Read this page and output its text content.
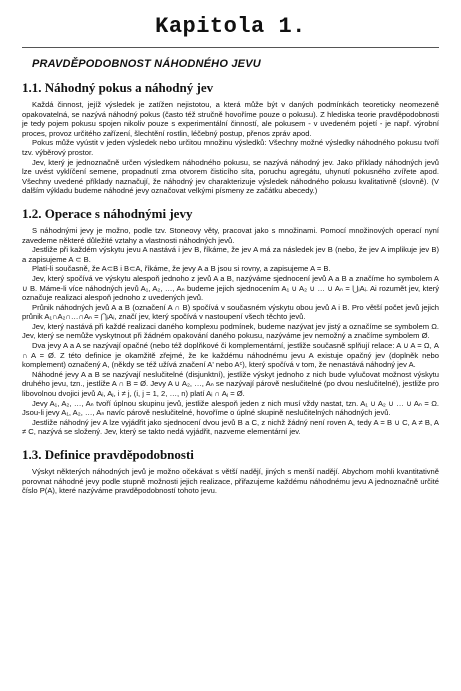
Kapitola 1.
PRAVDĚPODOBNOST NÁHODNÉHO JEVU
1.1. Náhodný pokus a náhodný jev

Každá činnost, jejíž výsledek je zatížen nejistotou, a která může být v daných podmínkách teoreticky neomezeně opakovatelná, se nazývá náhodný pokus (často též stručně hovoříme pouze o pokusu). Z hlediska teorie pravděpodobnosti je tedy pojem pokusu spojen nikoliv pouze s experimentální činností, ale pokusem - v uvedeném pojetí - je např. výrobní proces, provoz určitého zařízení, šlechtění rostlin, léčebný postup, přenos zpráv apod.

Pokus může vyústit v jeden výsledek nebo určitou množinu výsledků: Všechny možné výsledky náhodného pokusu tvoří tzv. výběrový prostor.

Jev, který je jednoznačně určen výsledkem náhodného pokusu, se nazývá náhodný jev. Jako příklady náhodných jevů lze uvést vyklíčení semene, propadnutí zrna otvorem čisticího síta, poruchu agregátu, uhynutí pokusného zvířete apod. Všechny uvedené příklady naznačují, že náhodný jev charakterizuje výsledek náhodného pokusu kvalitativně (slovně). (V dalším výkladu budeme náhodné jevy označovat velkými písmeny ze začátku abecedy.)

1.2. Operace s náhodnými jevy

S náhodnými jevy je možno, podle tzv. Stoneovy věty, pracovat jako s množinami. Pomocí množinových operací nyní zavedeme některé důležité vztahy a vlastnosti náhodných jevů.

Jestliže při každém výskytu jevu A nastává i jev B, říkáme, že jev A má za následek jev B (nebo, že jev A implikuje jev B) a zapisujeme A ⊂ B.

Platí-li současně, že A⊂B i B⊂A, říkáme, že jevy A a B jsou si rovny, a zapisujeme A = B.

Jev, který spočívá ve výskytu alespoň jednoho z jevů A a B, nazýváme sjednocení jevů A a B a značíme ho symbolem A ∪ B. Máme-li více náhodných jevů A₁, A₂, …, Aₙ budeme jejich sjednocením A₁ ∪ A₂ ∪ … ∪ Aₙ = ⋃ᵢAᵢ. Ai rozumět jev, který označuje realizaci alespoň jednoho z uvedených jevů.

Průnik náhodných jevů A a B (označení A ∩ B) spočívá v současném výskytu obou jevů A i B. Pro větší počet jevů jejich průnik A₁∩A₂∩…∩Aₙ = ⋂ᵢAᵢ, značí jev, který spočívá v nastoupení všech těchto jevů.

Jev, který nastává při každé realizaci daného komplexu podmínek, budeme nazývat jev jistý a označíme se symbolem Ω. Jev, který se nemůže vyskytnout při žádném opakování daného pokusu, nazýváme jev nemožný a značíme symbolem Ø.

Dva jevy A a A se nazývají opačné (nebo též doplňkové či komplementární, jestliže současně splňují relace: A ∪ A = Ω, A ∩ A = Ø. Z této definice je okamžitě zřejmé, že ke každému náhodnému jevu A existuje opačný jev (doplněk nebo komplement) označený A, (někdy se též užívá značení A' nebo Aᶜ), který spočívá v tom, že nenastává náhodný jev A.

Náhodné jevy A a B se nazývají neslučitelné (disjunktní), jestliže výskyt jednoho z nich bude vylučovat možnost výskytu druhého jevu, tzn., jestliže A ∩ B = Ø. Jevy A ∪ A₂, …, Aₙ se nazývají párově neslučitelné (po dvou neslučitelné), jestliže pro libovolnou dvojici jevů Aᵢ, Aⱼ, i ≠ j, (i, j = 1, 2, …, n) platí Aᵢ ∩ Aⱼ = Ø.

Jevy A₁, A₂, …, Aₙ tvoří úplnou skupinu jevů, jestliže alespoň jeden z nich musí vždy nastat, tzn. A₁ ∪ A₂ ∪ … ∪ Aₙ = Ω. Jsou-li jevy A₁, A₂, …, Aₙ navíc párově neslučitelné, hovoříme o úplné skupině neslučitelných náhodných jevů.

Jestliže náhodný jev A lze vyjádřit jako sjednocení dvou jevů B a C, z nichž žádný není roven A, tedy A = B ∪ C, A ≠ B, A ≠ C, nazývá se složený. Jev, který se takto nedá vyjádřit, nazveme elementární jev.

1.3. Definice pravděpodobnosti

Výskyt některých náhodných jevů je možno očekávat s větší nadějí, jiných s menší nadějí. Abychom mohli kvantitativně porovnat náhodné jevy podle stupně možnosti jejich realizace, přiřazujeme každému náhodnému jevu A jednoznačně určité číslo P(A), které nazýváme pravděpodobností tohoto jevu.
